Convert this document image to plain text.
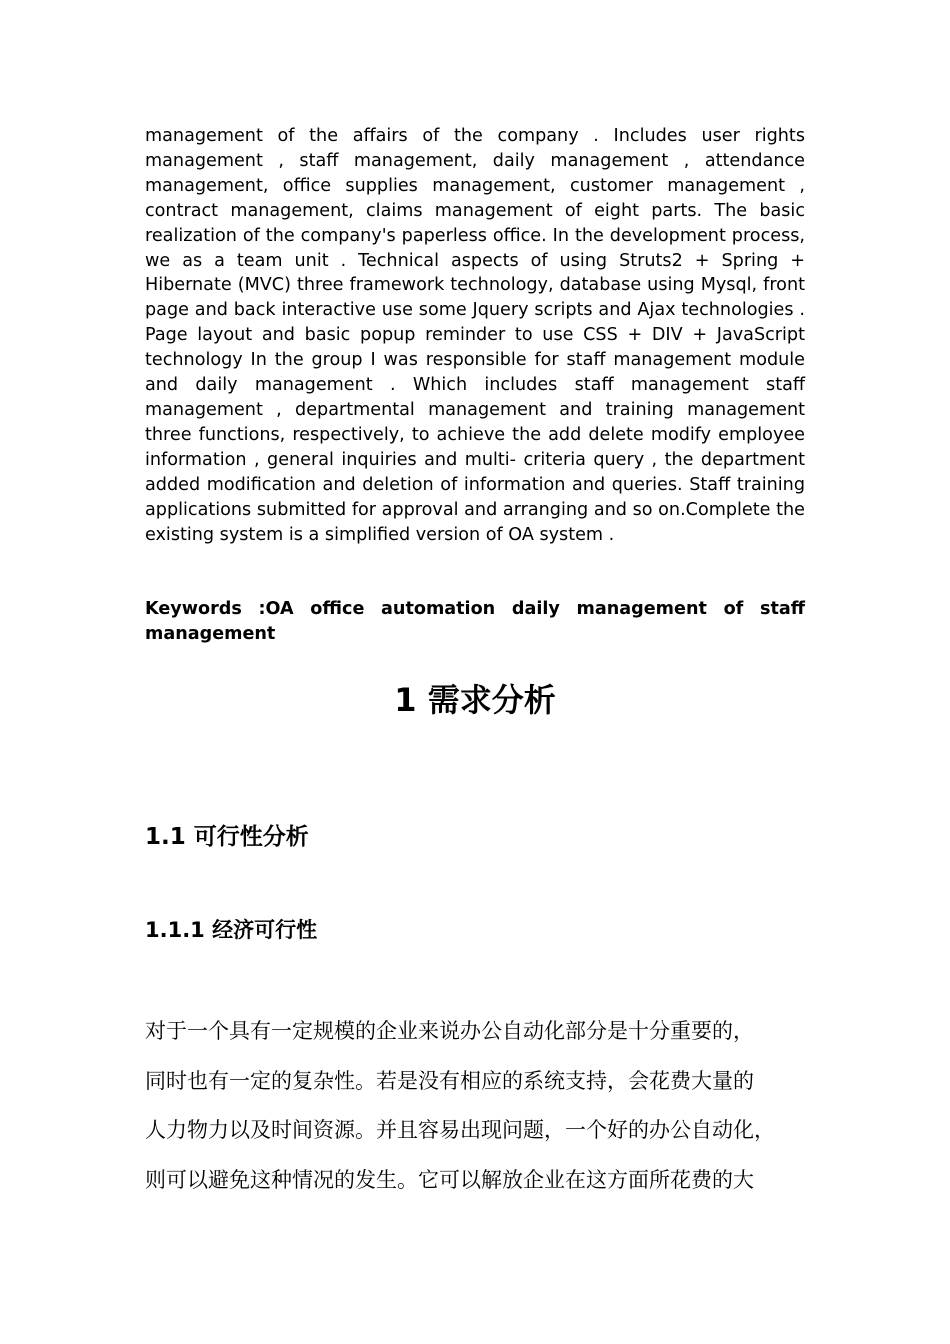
management of the affairs of the company . Includes user rights management , staff management, daily management , attendance management, office supplies management, customer management , contract management, claims management of eight parts. The basic realization of the company's paperless office. In the development process, we as a team unit . Technical aspects of using Struts2 + Spring + Hibernate (MVC) three framework technology, database using Mysql, front page and back interactive use some Jquery scripts and Ajax technologies . Page layout and basic popup reminder to use CSS + DIV + JavaScript technology In the group I was responsible for staff management module and daily management . Which includes staff management staff management , departmental management and training management three functions, respectively, to achieve the add delete modify employee information , general inquiries and multi- criteria query , the department added modification and deletion of information and queries. Staff training applications submitted for approval and arranging and so on.Complete the existing system is a simplified version of OA system .

Keywords :OA office automation daily management of staff management

1 需求分析
1.1 可行性分析
1.1.1 经济可行性
对于一个具有一定规模的企业来说办公自动化部分是十分重要的，
同时也有一定的复杂性。若是没有相应的系统支持，会花费大量的
人力物力以及时间资源。并且容易出现问题，一个好的办公自动化，
则可以避免这种情况的发生。它可以解放企业在这方面所花费的大
